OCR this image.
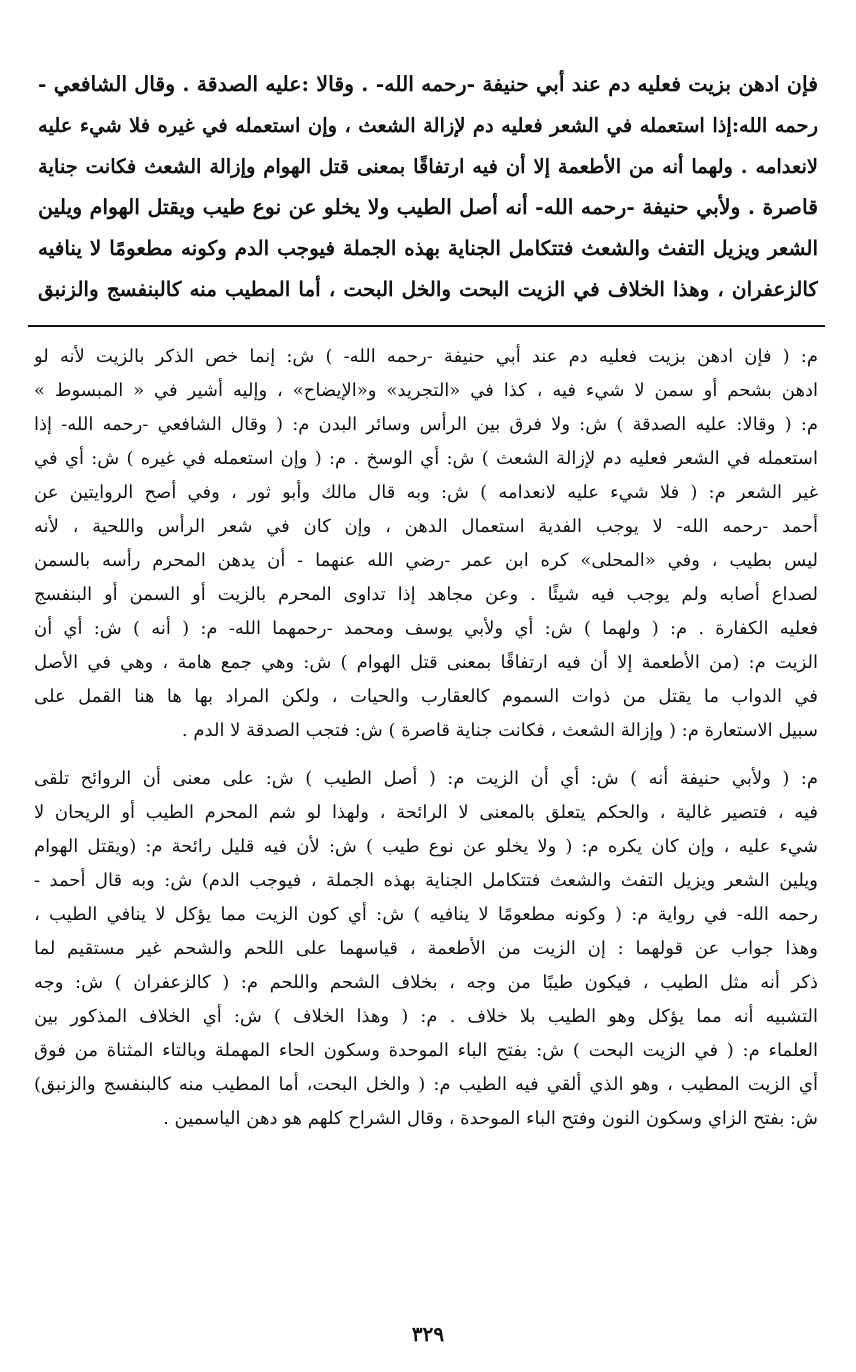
فإن ادهن بزيت فعليه دم عند أبي حنيفة -رحمه الله- . وقالا :عليه الصدقة . وقال الشافعي -
رحمه الله:إذا استعمله في الشعر فعليه دم لإزالة الشعث ، وإن استعمله في غيره فلا شيء عليه
لانعدامه . ولهما أنه من الأطعمة إلا أن فيه ارتفاقًا بمعنى قتل الهوام وإزالة الشعث فكانت جناية
قاصرة . ولأبي حنيفة -رحمه الله- أنه أصل الطيب ولا يخلو عن نوع طيب ويقتل الهوام ويلين
الشعر ويزيل التفث والشعث فتتكامل الجناية بهذه الجملة فيوجب الدم وكونه مطعومًا لا ينافيه
كالزعفران ، وهذا الخلاف في الزيت البحت والخل البحت ، أما المطيب منه كالبنفسج والزنبق
م: ( فإن ادهن بزيت فعليه دم عند أبي حنيفة -رحمه الله- ) ش: إنما خص الذكر بالزيت لأنه لو
ادهن بشحم أو سمن لا شيء فيه ، كذا في «التجريد» و«الإيضاح» ، وإليه أشير في « المبسوط »
م: ( وقالا: عليه الصدقة ) ش: ولا فرق بين الرأس وسائر البدن م: ( وقال الشافعي -رحمه الله- إذا
استعمله في الشعر فعليه دم لإزالة الشعث ) ش: أي الوسخ . م: ( وإن استعمله في غيره ) ش: أي في
غير الشعر م: ( فلا شيء عليه لانعدامه ) ش: وبه قال مالك وأبو ثور ، وفي أصح الروايتين عن
أحمد -رحمه الله- لا يوجب الفدية استعمال الدهن ، وإن كان في شعر الرأس واللحية ، لأنه
ليس بطيب ، وفي «المحلى» كره ابن عمر -رضي الله عنهما - أن يدهن المحرم رأسه بالسمن
لصداع أصابه ولم يوجب فيه شيئًا . وعن مجاهد إذا تداوى المحرم بالزيت أو السمن أو البنفسج
فعليه الكفارة . م: ( ولهما ) ش: أي ولأبي يوسف ومحمد -رحمهما الله- م: ( أنه ) ش: أي أن
الزيت م: (من الأطعمة إلا أن فيه ارتفاقًا بمعنى قتل الهوام ) ش: وهي جمع هامة ، وهي في الأصل
في الدواب ما يقتل من ذوات السموم كالعقارب والحيات ، ولكن المراد بها ها هنا القمل على
سبيل الاستعارة م: ( وإزالة الشعث ، فكانت جناية قاصرة ) ش: فتجب الصدقة لا الدم .
م: ( ولأبي حنيفة أنه ) ش: أي أن الزيت م: ( أصل الطيب ) ش: على معنى أن الروائح تلقى
فيه ، فتصير غالية ، والحكم يتعلق بالمعنى لا الرائحة ، ولهذا لو شم المحرم الطيب أو الريحان لا
شيء عليه ، وإن كان يكره م: ( ولا يخلو عن نوع طيب ) ش: لأن فيه قليل رائحة م: (ويقتل الهوام
ويلين الشعر ويزيل التفث والشعث فتتكامل الجناية بهذه الجملة ، فيوجب الدم) ش: وبه قال أحمد -
رحمه الله- في رواية م: ( وكونه مطعومًا لا ينافيه ) ش: أي كون الزيت مما يؤكل لا ينافي الطيب ،
وهذا جواب عن قولهما : إن الزيت من الأطعمة ، قياسهما على اللحم والشحم غير مستقيم لما
ذكر أنه مثل الطيب ، فيكون طيبًا من وجه ، بخلاف الشحم واللحم م: ( كالزعفران ) ش: وجه
التشبيه أنه مما يؤكل وهو الطيب بلا خلاف . م: ( وهذا الخلاف ) ش: أي الخلاف المذكور بين
العلماء م: ( في الزيت البحت ) ش: بفتح الباء الموحدة وسكون الحاء المهملة وبالتاء المثناة من فوق
أي الزيت المطيب ، وهو الذي ألقي فيه الطيب م: ( والخل البحت، أما المطيب منه كالبنفسج والزنبق)
ش: بفتح الزاي وسكون النون وفتح الباء الموحدة ، وقال الشراح كلهم هو دهن الياسمين .
٣٢٩
